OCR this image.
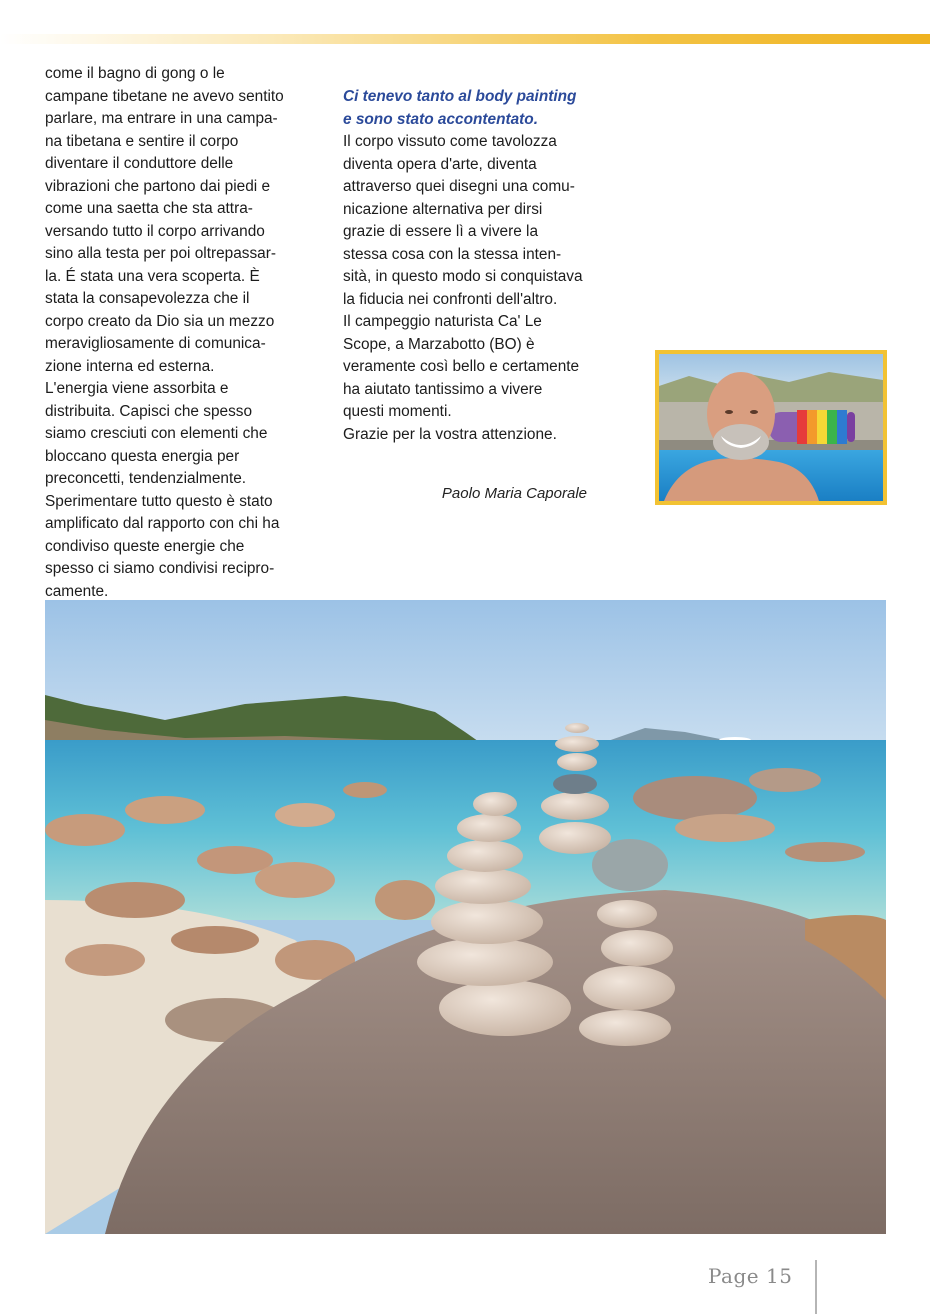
come il bagno di gong o le

campane tibetane ne avevo sentito

parlare, ma entrare in una campa-

na tibetana e sentire il corpo

diventare il conduttore delle

vibrazioni che partono dai piedi e

come una saetta che sta attra-

versando tutto il corpo arrivando

sino alla testa per poi oltrepassar-

la. É stata una vera scoperta. È

stata la consapevolezza che il

corpo creato da Dio sia un mezzo

meravigliosamente di comunica-

zione interna ed esterna.

L'energia viene assorbita e

distribuita. Capisci che spesso

siamo cresciuti con elementi che

bloccano questa energia per

preconcetti, tendenzialmente.

Sperimentare tutto questo è stato

amplificato dal rapporto con chi ha

condiviso queste energie che

spesso ci siamo condivisi recipro-

camente.

Ci tenevo tanto al body painting

e sono stato accontentato.

Il corpo vissuto come tavolozza

diventa opera d'arte, diventa

attraverso quei disegni una comu-

nicazione alternativa per dirsi

grazie di essere lì a vivere la

stessa cosa con la stessa inten-

sità, in questo modo si conquistava

la fiducia nei confronti dell'altro.

Il campeggio naturista Ca' Le

Scope, a Marzabotto (BO) è

veramente così bello e certamente

ha aiutato tantissimo a vivere

questi momenti.

Grazie per la vostra attenzione.

Paolo Maria Caporale
Page 15
